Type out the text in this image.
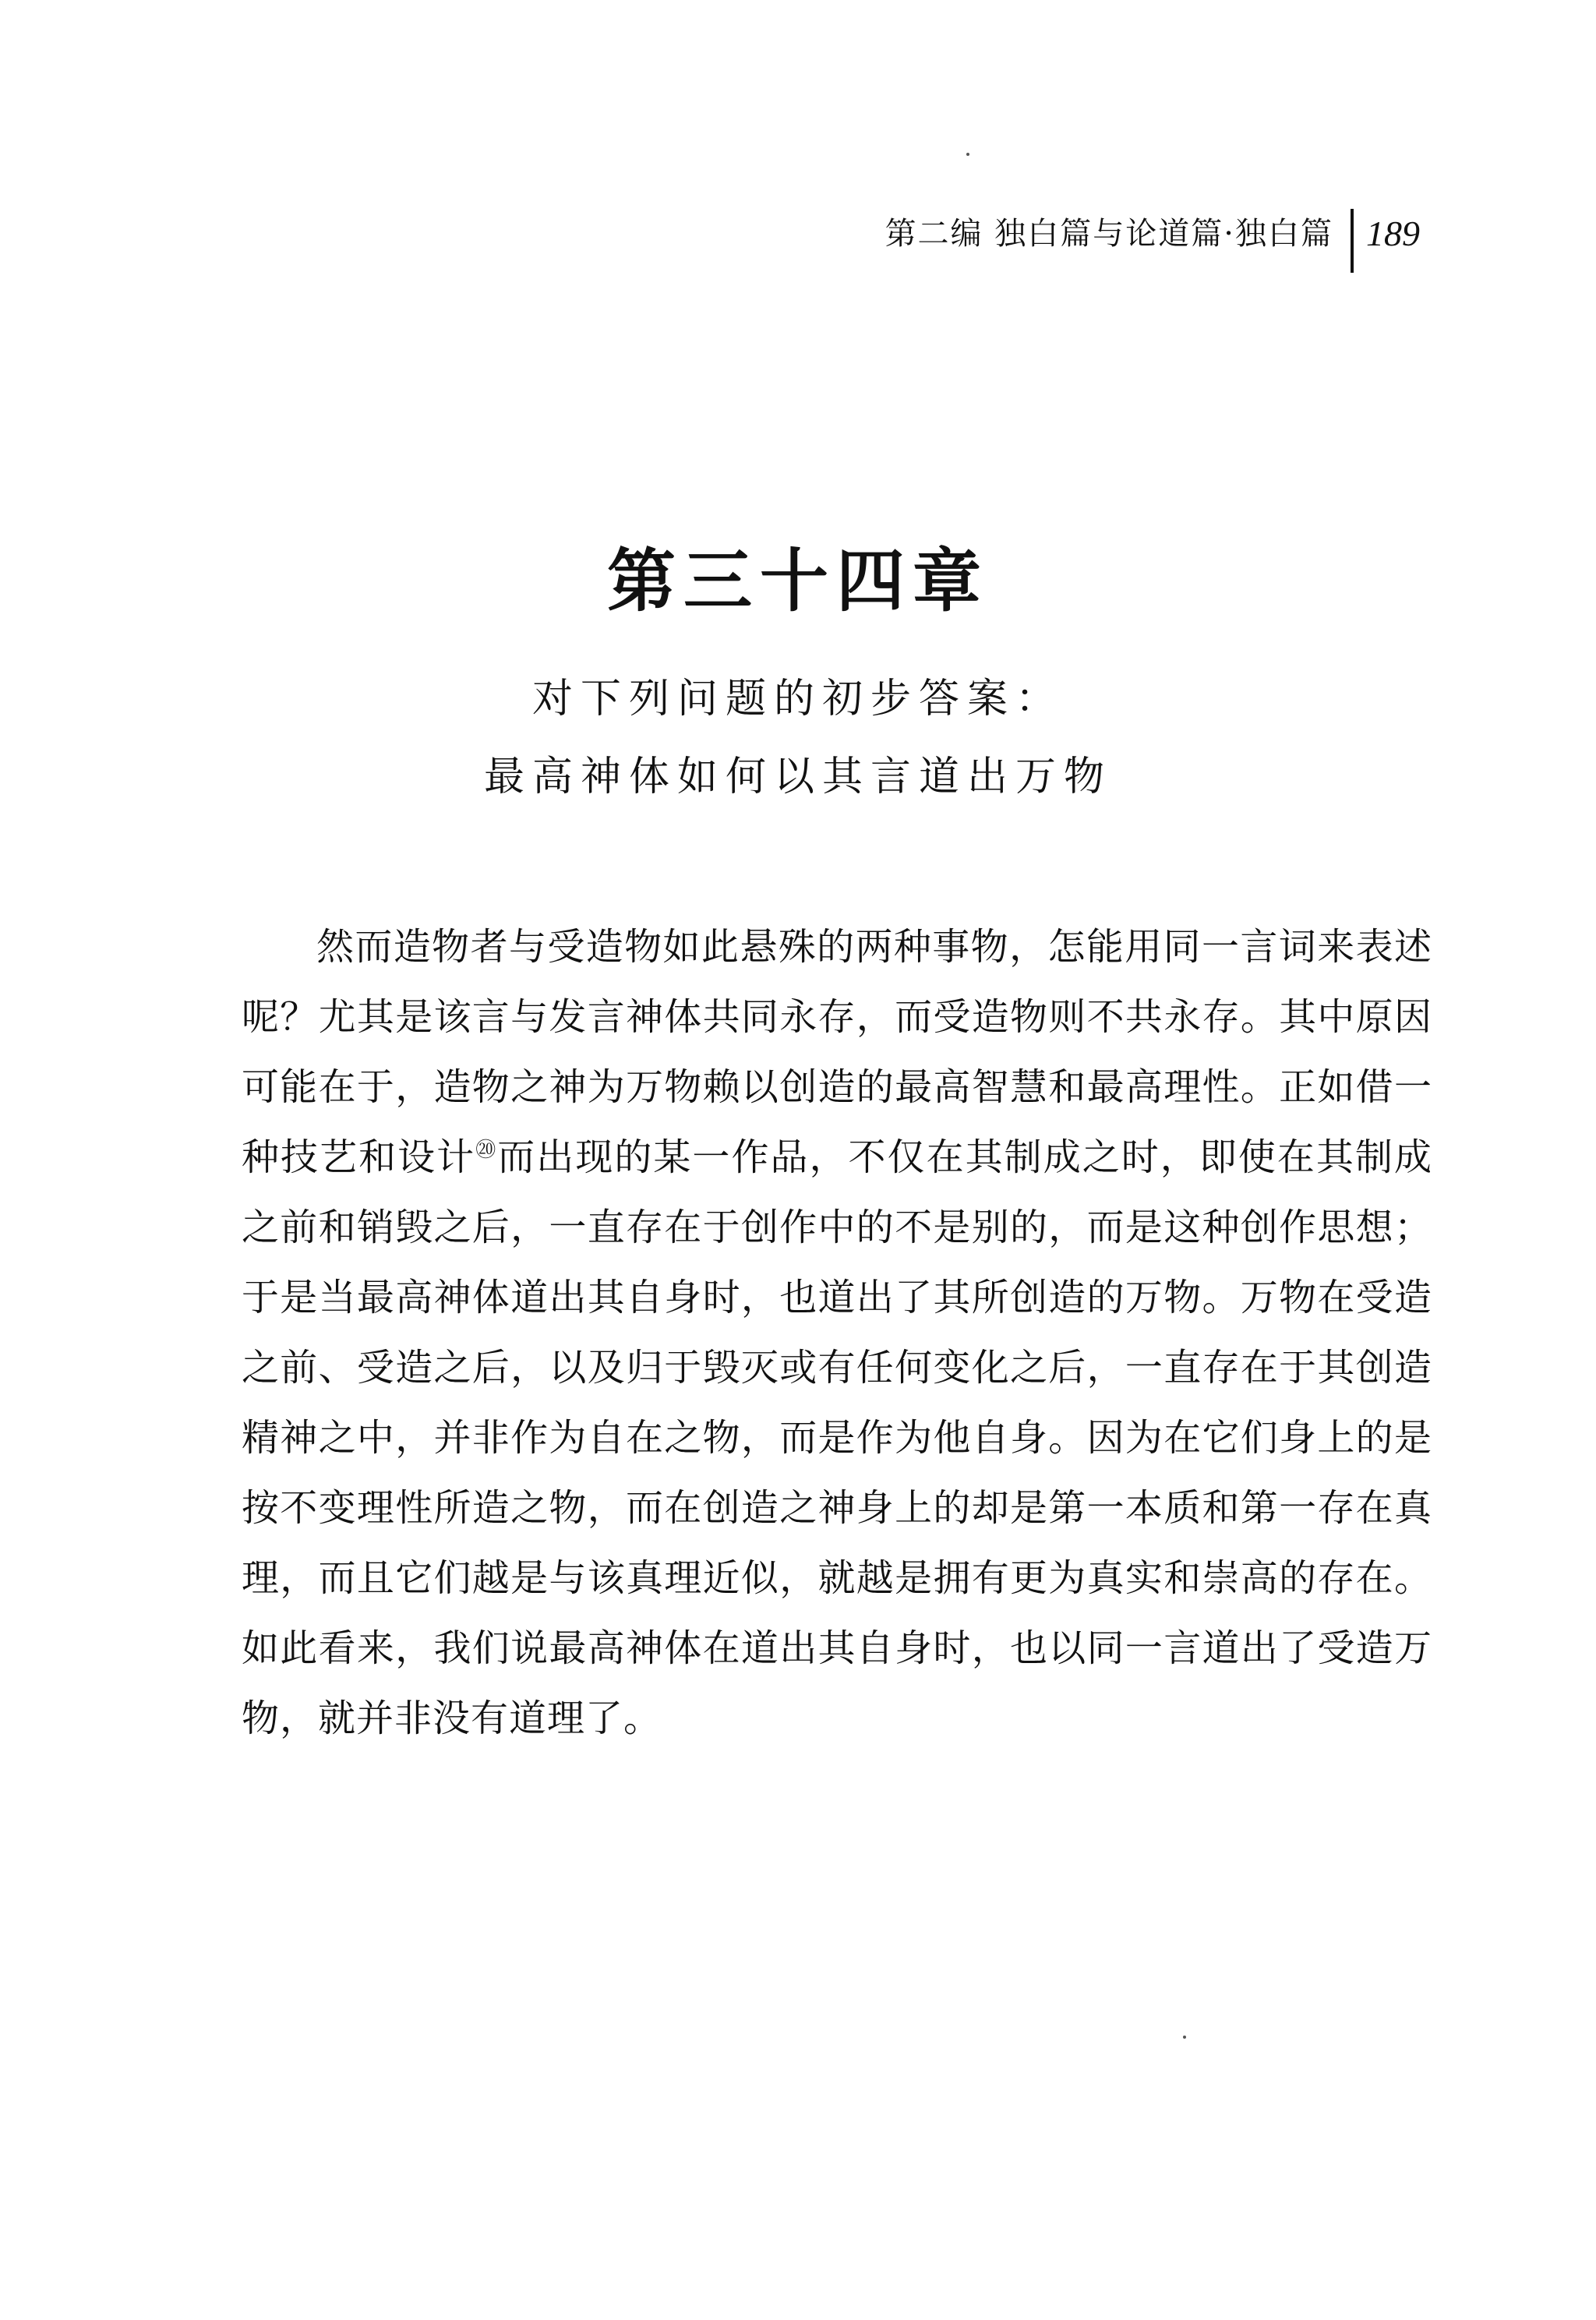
第二编 独白篇与论道篇·独白篇 189
第三十四章
对下列问题的初步答案：
最高神体如何以其言道出万物

然而造物者与受造物如此悬殊的两种事物，怎能用同一言词来表述呢？尤其是该言与发言神体共同永存，而受造物则不共永存。其中原因可能在于，造物之神为万物赖以创造的最高智慧和最高理性。正如借一种技艺和设计⑳而出现的某一作品，不仅在其制成之时，即使在其制成之前和销毁之后，一直存在于创作中的不是别的，而是这种创作思想；于是当最高神体道出其自身时，也道出了其所创造的万物。万物在受造之前、受造之后，以及归于毁灭或有任何变化之后，一直存在于其创造精神之中，并非作为自在之物，而是作为他自身。因为在它们身上的是按不变理性所造之物，而在创造之神身上的却是第一本质和第一存在真理，而且它们越是与该真理近似，就越是拥有更为真实和崇高的存在。如此看来，我们说最高神体在道出其自身时，也以同一言道出了受造万物，就并非没有道理了。
